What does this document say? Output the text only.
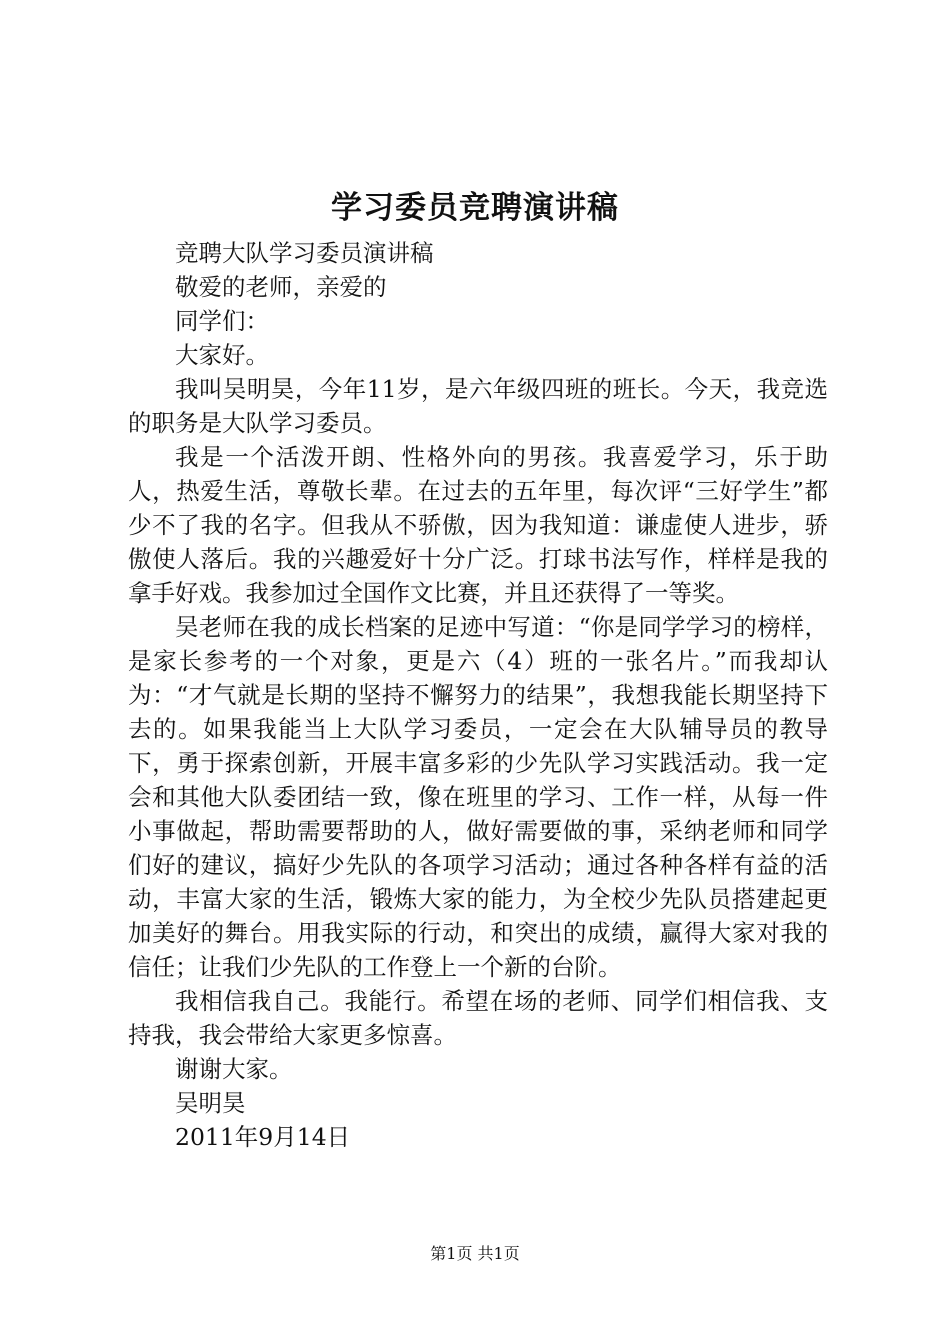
学习委员竞聘演讲稿

竞聘大队学习委员演讲稿

敬爱的老师，亲爱的

同学们：

大家好。

我叫吴明昊，今年11岁，是六年级四班的班长。今天，我竞选的职务是大队学习委员。

我是一个活泼开朗、性格外向的男孩。我喜爱学习，乐于助人，热爱生活，尊敬长辈。在过去的五年里，每次评“三好学生”都少不了我的名字。但我从不骄傲，因为我知道：谦虚使人进步，骄傲使人落后。我的兴趣爱好十分广泛。打球书法写作，样样是我的拿手好戏。我参加过全国作文比赛，并且还获得了一等奖。

吴老师在我的成长档案的足迹中写道：“你是同学学习的榜样，是家长参考的一个对象，更是六（4）班的一张名片。”而我却认为：“才气就是长期的坚持不懈努力的结果”，我想我能长期坚持下去的。如果我能当上大队学习委员，一定会在大队辅导员的教导下，勇于探索创新，开展丰富多彩的少先队学习实践活动。我一定会和其他大队委团结一致，像在班里的学习、工作一样，从每一件小事做起，帮助需要帮助的人，做好需要做的事，采纳老师和同学们好的建议，搞好少先队的各项学习活动；通过各种各样有益的活动，丰富大家的生活，锻炼大家的能力，为全校少先队员搭建起更加美好的舞台。用我实际的行动，和突出的成绩，赢得大家对我的信任；让我们少先队的工作登上一个新的台阶。

我相信我自己。我能行。希望在场的老师、同学们相信我、支持我，我会带给大家更多惊喜。

谢谢大家。

吴明昊

2011年9月14日

第1页 共1页
